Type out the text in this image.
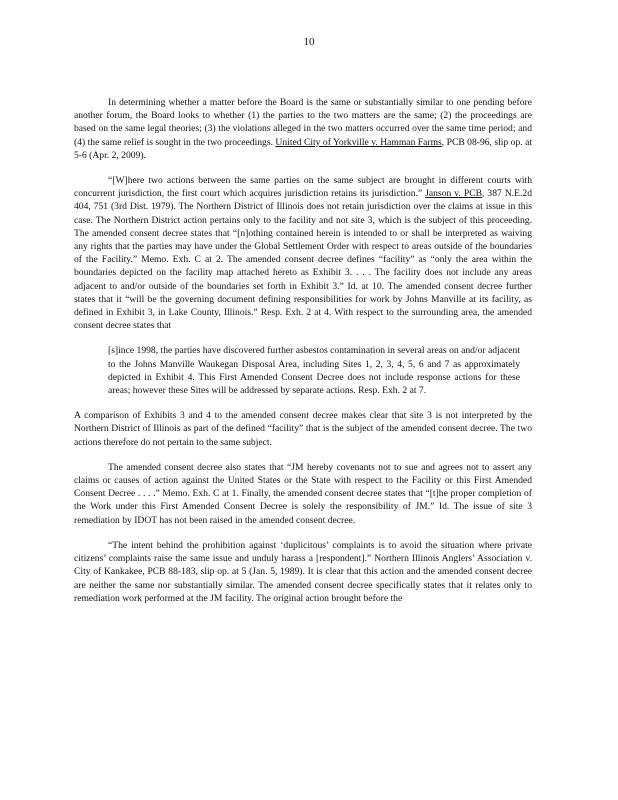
10

In determining whether a matter before the Board is the same or substantially similar to one pending before another forum, the Board looks to whether (1) the parties to the two matters are the same; (2) the proceedings are based on the same legal theories; (3) the violations alleged in the two matters occurred over the same time period; and (4) the same relief is sought in the two proceedings. United City of Yorkville v. Hamman Farms, PCB 08-96, slip op. at 5-6 (Apr. 2, 2009).

“[W]here two actions between the same parties on the same subject are brought in different courts with concurrent jurisdiction, the first court which acquires jurisdiction retains its jurisdiction.” Janson v. PCB, 387 N.E.2d 404, 751 (3rd Dist. 1979). The Northern District of Illinois does not retain jurisdiction over the claims at issue in this case. The Northern District action pertains only to the facility and not site 3, which is the subject of this proceeding. The amended consent decree states that “[n]othing contained herein is intended to or shall be interpreted as waiving any rights that the parties may have under the Global Settlement Order with respect to areas outside of the boundaries of the Facility.” Memo. Exh. C at 2. The amended consent decree defines “facility” as “only the area within the boundaries depicted on the facility map attached hereto as Exhibit 3. . . . The facility does not include any areas adjacent to and/or outside of the boundaries set forth in Exhibit 3.” Id. at 10. The amended consent decree further states that it “will be the governing document defining responsibilities for work by Johns Manville at its facility, as defined in Exhibit 3, in Lake County, Illinois.” Resp. Exh. 2 at 4. With respect to the surrounding area, the amended consent decree states that

[s]ince 1998, the parties have discovered further asbestos contamination in several areas on and/or adjacent to the Johns Manville Waukegan Disposal Area, including Sites 1, 2, 3, 4, 5, 6 and 7 as approximately depicted in Exhibit 4. This First Amended Consent Decree does not include response actions for these areas; however these Sites will be addressed by separate actions. Resp. Exh. 2 at 7.

A comparison of Exhibits 3 and 4 to the amended consent decree makes clear that site 3 is not interpreted by the Northern District of Illinois as part of the defined “facility” that is the subject of the amended consent decree. The two actions therefore do not pertain to the same subject.

The amended consent decree also states that “JM hereby covenants not to sue and agrees not to assert any claims or causes of action against the United States or the State with respect to the Facility or this First Amended Consent Decree . . . .” Memo. Exh. C at 1. Finally, the amended consent decree states that “[t]he proper completion of the Work under this First Amended Consent Decree is solely the responsibility of JM.” Id. The issue of site 3 remediation by IDOT has not been raised in the amended consent decree.

“The intent behind the prohibition against ‘duplicitous’ complaints is to avoid the situation where private citizens’ complaints raise the same issue and unduly harass a [respondent].” Northern Illinois Anglers’ Association v. City of Kankakee, PCB 88-183, slip op. at 5 (Jan. 5, 1989). It is clear that this action and the amended consent decree are neither the same nor substantially similar. The amended consent decree specifically states that it relates only to remediation work performed at the JM facility. The original action brought before the
